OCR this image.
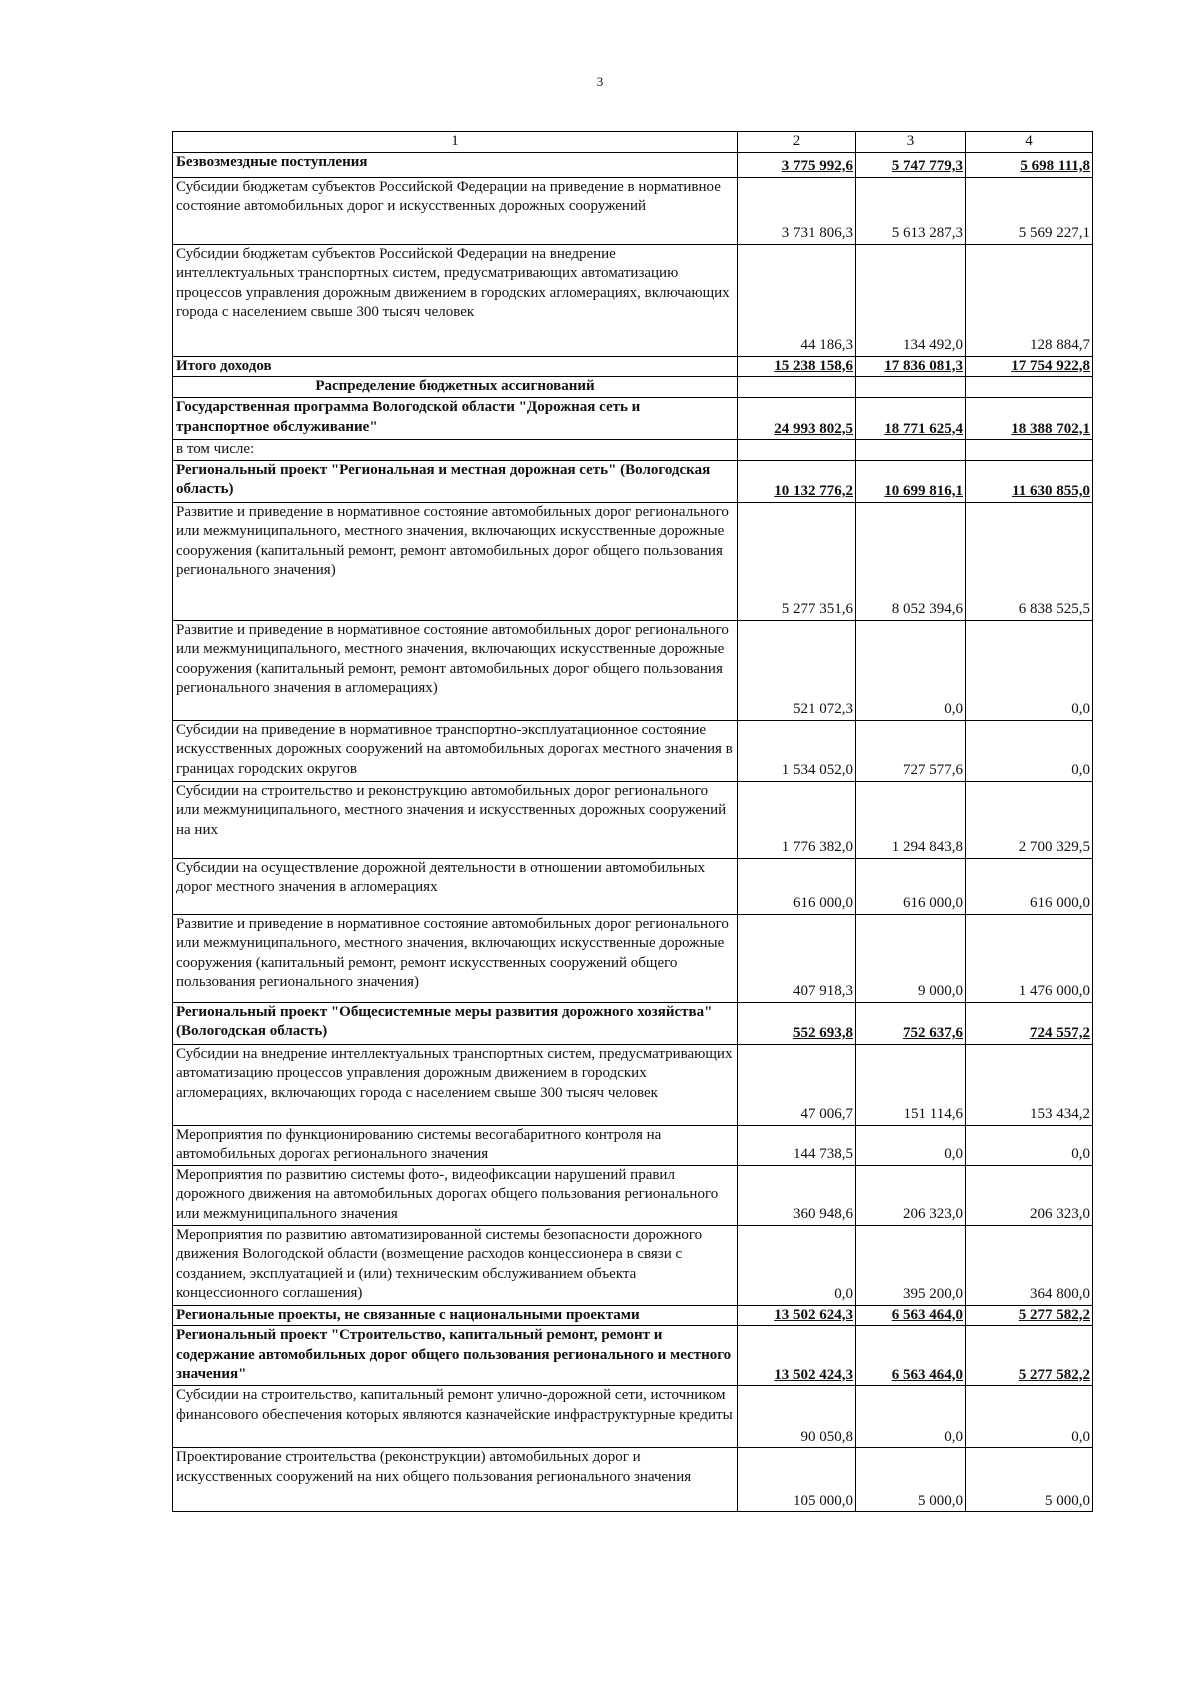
3
1	2	3	4
Безвозмездные поступления	3 775 992,6	5 747 779,3	5 698 111,8
Субсидии бюджетам субъектов Российской Федерации на приведение в нормативное состояние автомобильных дорог и искусственных дорожных сооружений	3 731 806,3	5 613 287,3	5 569 227,1
Субсидии бюджетам субъектов Российской Федерации на внедрение интеллектуальных транспортных систем, предусматривающих автоматизацию процессов управления дорожным движением в городских агломерациях, включающих города с населением свыше 300 тысяч человек	44 186,3	134 492,0	128 884,7
Итого доходов	15 238 158,6	17 836 081,3	17 754 922,8
Распределение бюджетных ассигнований			
Государственная программа Вологодской области "Дорожная сеть и транспортное обслуживание"	24 993 802,5	18 771 625,4	18 388 702,1
в том числе:			
Региональный проект "Региональная и местная дорожная сеть" (Вологодская область)	10 132 776,2	10 699 816,1	11 630 855,0
Развитие и приведение в нормативное состояние автомобильных дорог регионального или межмуниципального, местного значения, включающих искусственные дорожные сооружения (капитальный ремонт, ремонт автомобильных дорог общего пользования регионального значения)	5 277 351,6	8 052 394,6	6 838 525,5
Развитие и приведение в нормативное состояние автомобильных дорог регионального или межмуниципального, местного значения, включающих искусственные дорожные сооружения (капитальный ремонт, ремонт автомобильных дорог общего пользования регионального значения в агломерациях)	521 072,3	0,0	0,0
Субсидии на приведение в нормативное транспортно-эксплуатационное состояние искусственных дорожных сооружений на автомобильных дорогах местного значения в границах городских округов	1 534 052,0	727 577,6	0,0
Субсидии на строительство и реконструкцию автомобильных дорог регионального или межмуниципального, местного значения и искусственных дорожных сооружений на них	1 776 382,0	1 294 843,8	2 700 329,5
Субсидии на осуществление дорожной деятельности в отношении автомобильных дорог местного значения в агломерациях	616 000,0	616 000,0	616 000,0
Развитие и приведение в нормативное состояние автомобильных дорог регионального или межмуниципального, местного значения, включающих искусственные дорожные сооружения (капитальный ремонт, ремонт искусственных сооружений общего пользования регионального значения)	407 918,3	9 000,0	1 476 000,0
Региональный проект "Общесистемные меры развития дорожного хозяйства" (Вологодская область)	552 693,8	752 637,6	724 557,2
Субсидии на внедрение интеллектуальных транспортных систем, предусматривающих автоматизацию процессов управления дорожным движением в городских агломерациях, включающих города с населением свыше 300 тысяч человек	47 006,7	151 114,6	153 434,2
Мероприятия по функционированию системы весогабаритного контроля на автомобильных дорогах регионального значения	144 738,5	0,0	0,0
Мероприятия по развитию системы фото-, видеофиксации нарушений правил дорожного движения на автомобильных дорогах общего пользования регионального или межмуниципального значения	360 948,6	206 323,0	206 323,0
Мероприятия по развитию автоматизированной системы безопасности дорожного движения Вологодской области (возмещение расходов концессионера в связи с созданием, эксплуатацией и (или) техническим обслуживанием объекта концессионного соглашения)	0,0	395 200,0	364 800,0
Региональные проекты, не связанные с национальными проектами	13 502 624,3	6 563 464,0	5 277 582,2
Региональный проект "Строительство, капитальный ремонт, ремонт и содержание автомобильных дорог общего пользования регионального и местного значения"	13 502 424,3	6 563 464,0	5 277 582,2
Субсидии на строительство, капитальный ремонт улично-дорожной сети, источником финансового обеспечения которых являются казначейские инфраструктурные кредиты	90 050,8	0,0	0,0
Проектирование строительства (реконструкции) автомобильных дорог и искусственных сооружений на них общего пользования регионального значения	105 000,0	5 000,0	5 000,0
